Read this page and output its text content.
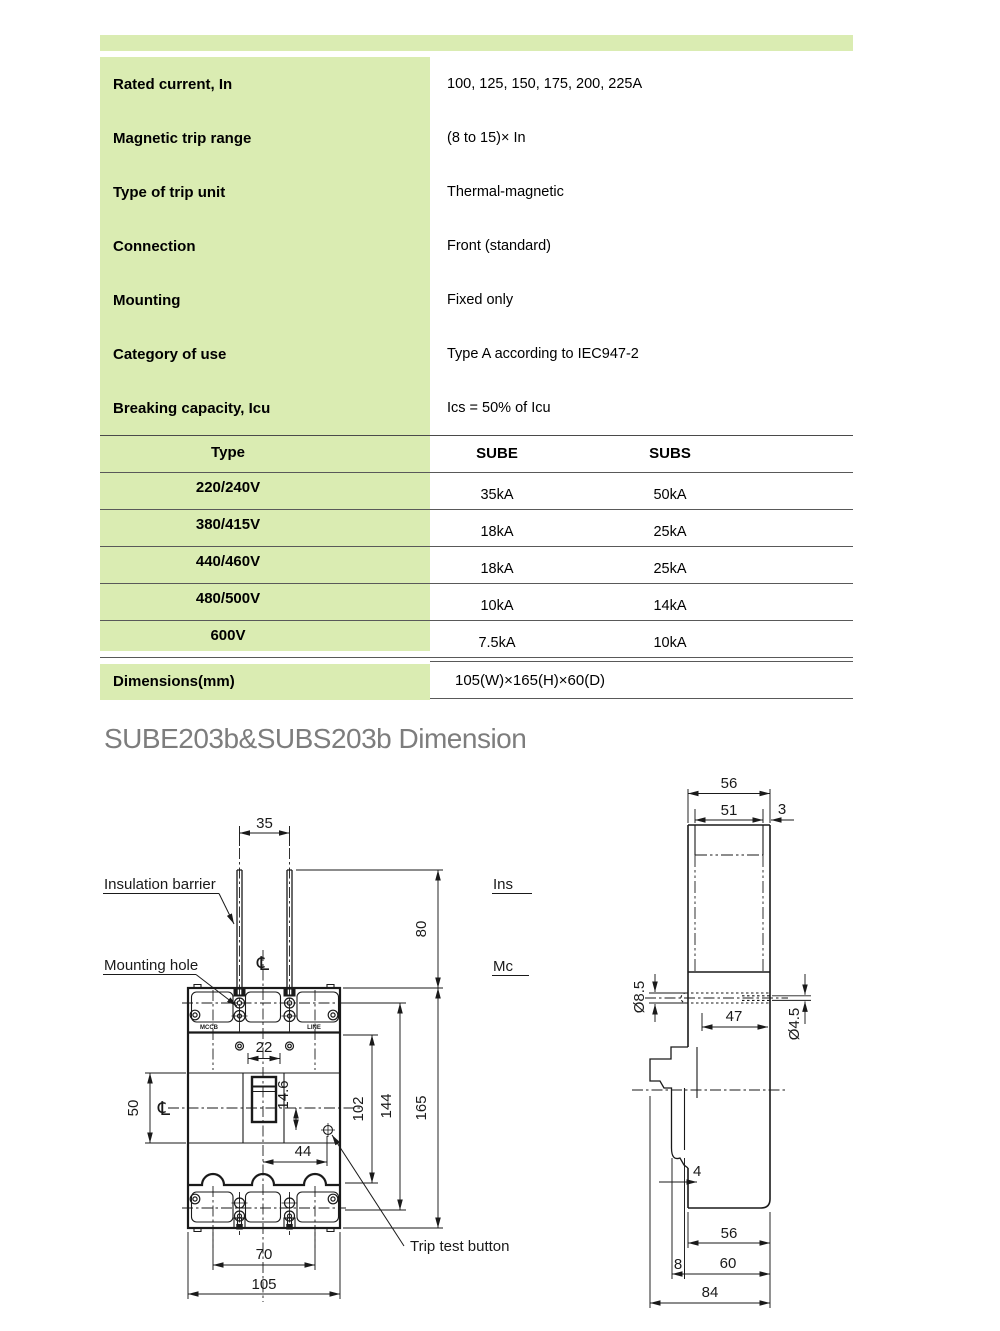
Rated current, In	100, 125, 150, 175, 200, 225A
Magnetic trip range	(8 to 15)× In
Type of trip unit	Thermal-magnetic
Connection	Front (standard)
Mounting	Fixed only
Category of use	Type A according to IEC947-2
Breaking capacity, Icu	Ics = 50% of Icu
Type	SUBE	SUBS
220/240V	35kA	50kA
380/415V	18kA	25kA
440/460V	18kA	25kA
480/500V	10kA	14kA
600V	7.5kA	10kA
Dimensions(mm)	105(W)×165(H)×60(D)
SUBE203b&SUBS203b Dimension
35
80
22
14.6
50	102 144 165
44
70
105
℄
℄
MCCB	LINE
Insulation barrier
Mounting hole
Trip test button
Ins
Mc
56
51	3
Ø8.5
47	Ø4.5
4
56
8 60
84
